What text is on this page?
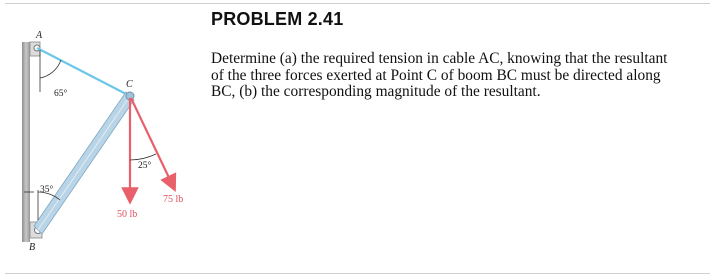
A
B
C
65°
35°
25°
50 lb
75 lb
PROBLEM 2.41

Determine (a) the required tension in cable AC, knowing that the resultant
of the three forces exerted at Point C of boom BC must be directed along
BC, (b) the corresponding magnitude of the resultant.
